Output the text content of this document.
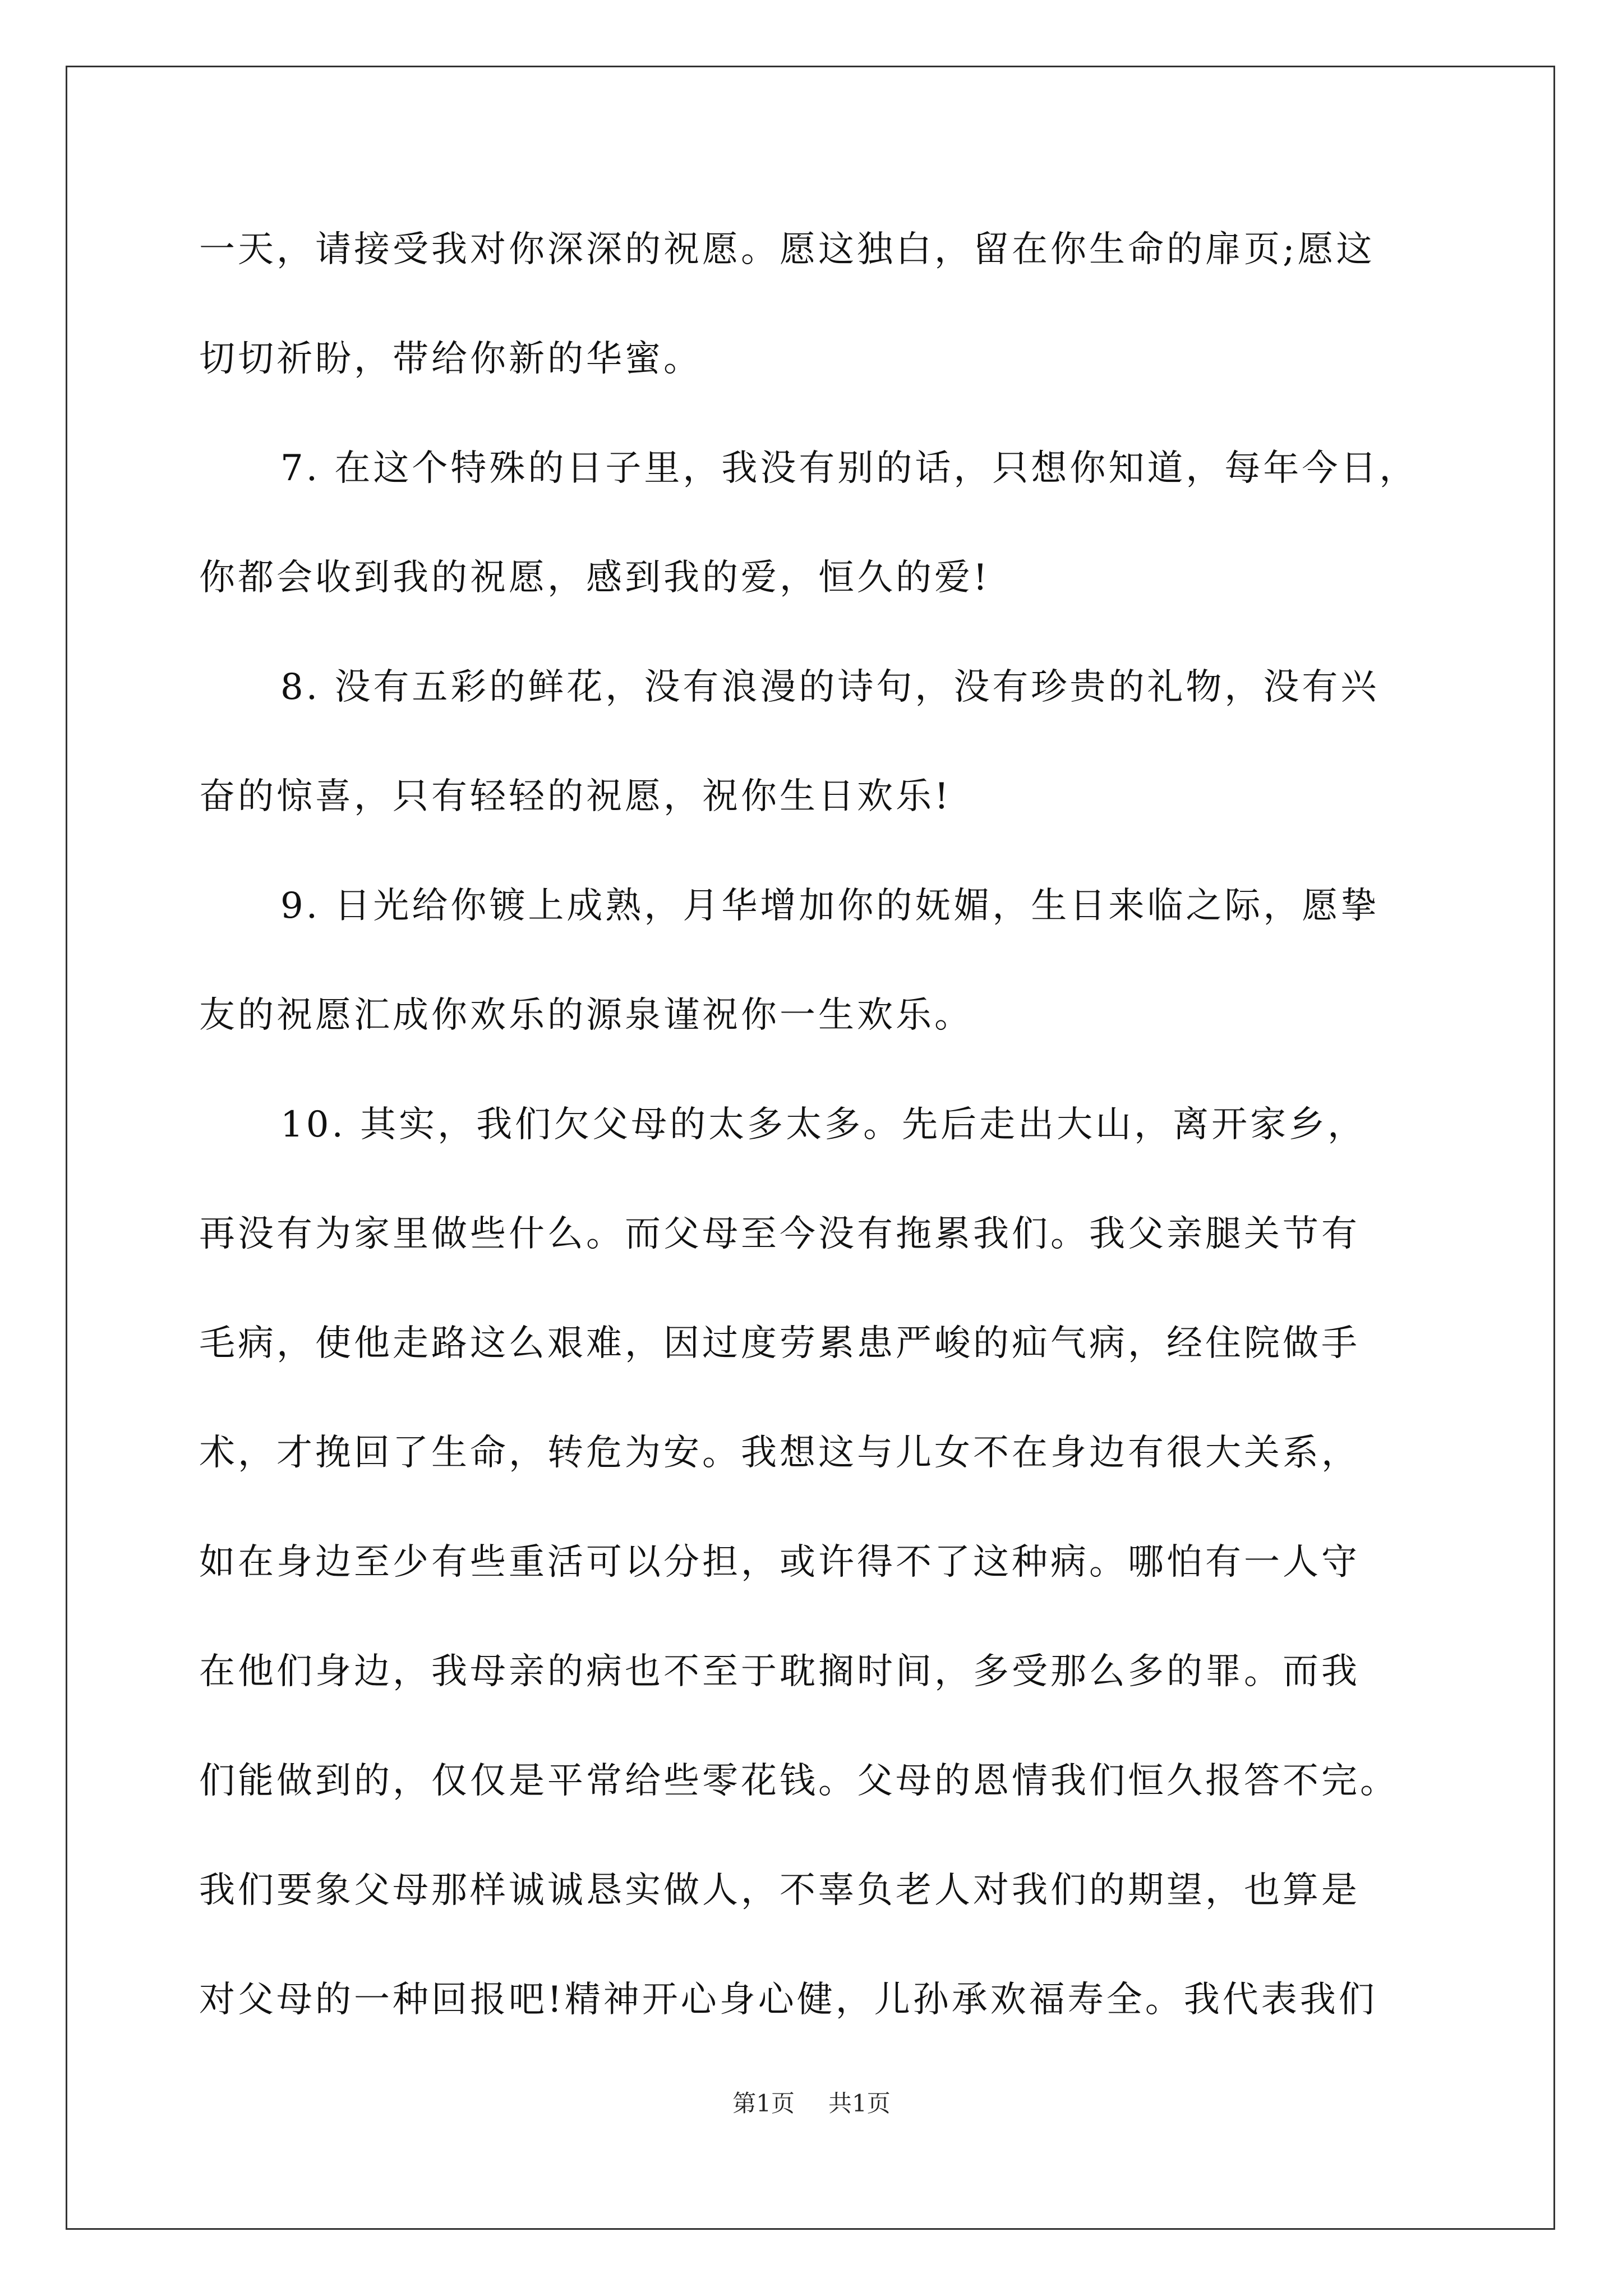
一天，请接受我对你深深的祝愿。愿这独白，留在你生命的扉页;愿这
切切祈盼，带给你新的华蜜。
7. 在这个特殊的日子里，我没有别的话，只想你知道，每年今日，
你都会收到我的祝愿，感到我的爱，恒久的爱!
8. 没有五彩的鲜花，没有浪漫的诗句，没有珍贵的礼物，没有兴
奋的惊喜，只有轻轻的祝愿，祝你生日欢乐!
9. 日光给你镀上成熟，月华增加你的妩媚，生日来临之际，愿挚
友的祝愿汇成你欢乐的源泉谨祝你一生欢乐。
10. 其实，我们欠父母的太多太多。先后走出大山，离开家乡，
再没有为家里做些什么。而父母至今没有拖累我们。我父亲腿关节有
毛病，使他走路这么艰难，因过度劳累患严峻的疝气病，经住院做手
术，才挽回了生命，转危为安。我想这与儿女不在身边有很大关系，
如在身边至少有些重活可以分担，或许得不了这种病。哪怕有一人守
在他们身边，我母亲的病也不至于耽搁时间，多受那么多的罪。而我
们能做到的，仅仅是平常给些零花钱。父母的恩情我们恒久报答不完。
我们要象父母那样诚诚恳实做人，不辜负老人对我们的期望，也算是
对父母的一种回报吧!精神开心身心健，儿孙承欢福寿全。我代表我们
第1页 共1页
